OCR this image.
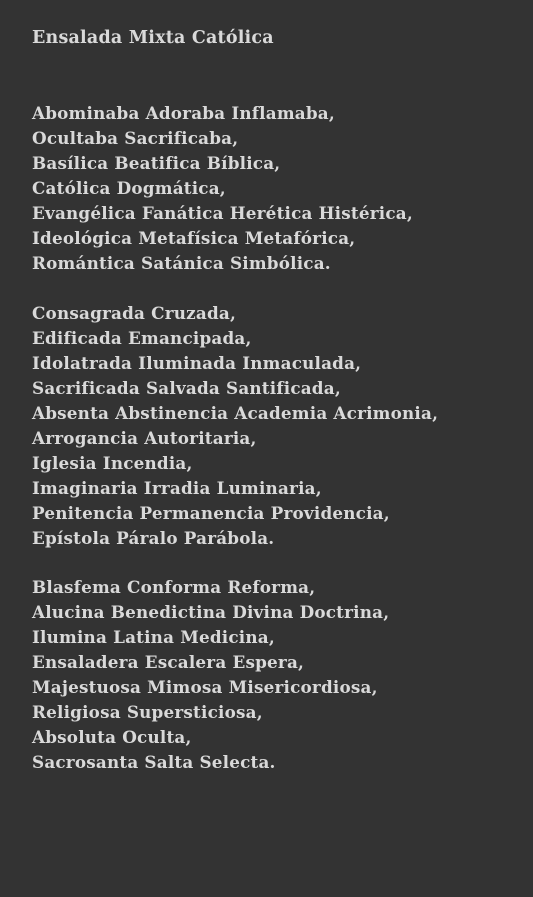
Ensalada Mixta Católica
Abominaba Adoraba Inflamaba,
Ocultaba Sacrificaba,
Basílica Beatifica Bíblica,
Católica Dogmática,
Evangélica Fanática Herética Histérica,
Ideológica Metafísica Metafórica,
Romántica Satánica Simbólica.
Consagrada Cruzada,
Edificada Emancipada,
Idolatrada Iluminada Inmaculada,
Sacrificada Salvada Santificada,
Absenta Abstinencia Academia Acrimonia,
Arrogancia Autoritaria,
Iglesia Incendia,
Imaginaria Irradia Luminaria,
Penitencia Permanencia Providencia,
Epístola Páralo Parábola.
Blasfema Conforma Reforma,
Alucina Benedictina Divina Doctrina,
Ilumina Latina Medicina,
Ensaladera Escalera Espera,
Majestuosa Mimosa Misericordiosa,
Religiosa Supersticiosa,
Absoluta Oculta,
Sacrosanta Salta Selecta.
